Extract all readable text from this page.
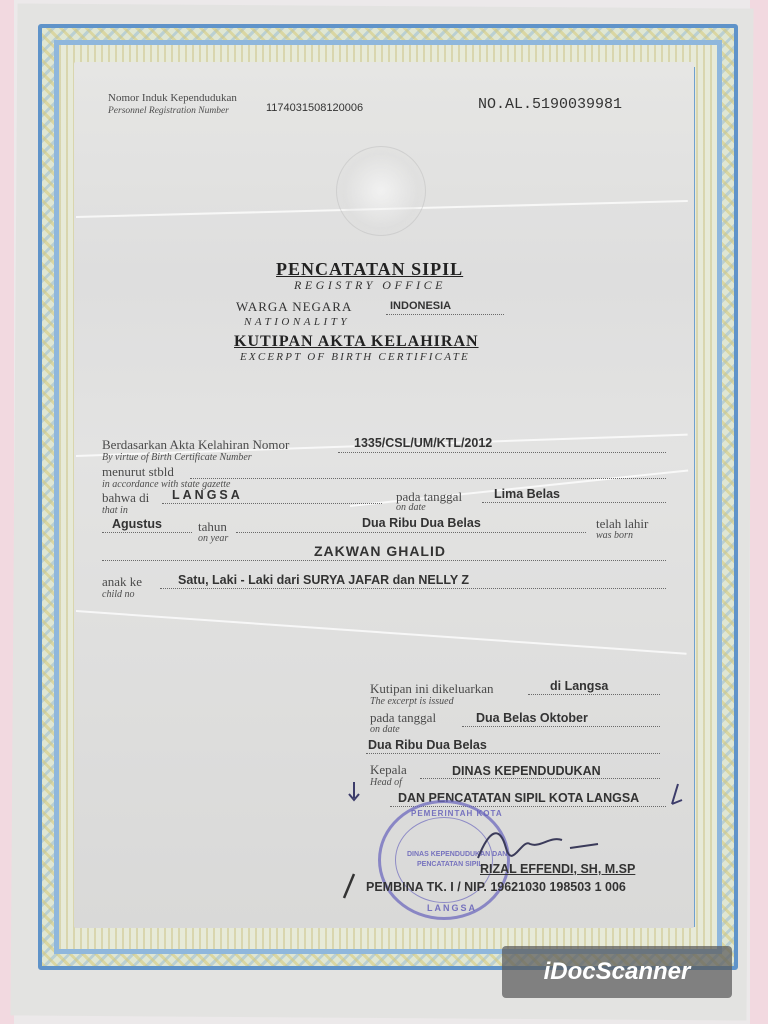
Nomor Induk Kependudukan
Personnel Registration Number	1174031508120006	NO.AL.5190039981
PENCATATAN SIPIL
REGISTRY OFFICE
WARGA NEGARA	INDONESIA
NATIONALITY
KUTIPAN AKTA KELAHIRAN
EXCERPT OF BIRTH CERTIFICATE
Berdasarkan Akta Kelahiran Nomor
By virtue of Birth Certificate Number
1335/CSL/UM/KTL/2012
menurut stbld
in accordance with state gazette
bahwa di
that in
LANGSA	pada tanggal
on date
Lima Belas
Agustus	tahun
on year
Dua Ribu Dua Belas	telah lahir
was born
ZAKWAN GHALID
anak ke
child no
Satu, Laki - Laki dari SURYA JAFAR dan NELLY Z
Kutipan ini dikeluarkan
The excerpt is issued
di Langsa
pada tanggal
on date
Dua Belas Oktober
Dua Ribu Dua Belas
Kepala
Head of
DINAS KEPENDUDUKAN
DAN PENCATATAN SIPIL KOTA LANGSA
PEMERINTAH KOTA
DINAS KEPENDUDUKAN DAN
PENCATATAN SIPIL
LANGSA
RIZAL EFFENDI, SH, M.SP
PEMBINA TK. I / NIP. 19621030 198503 1 006
iDocScanner
